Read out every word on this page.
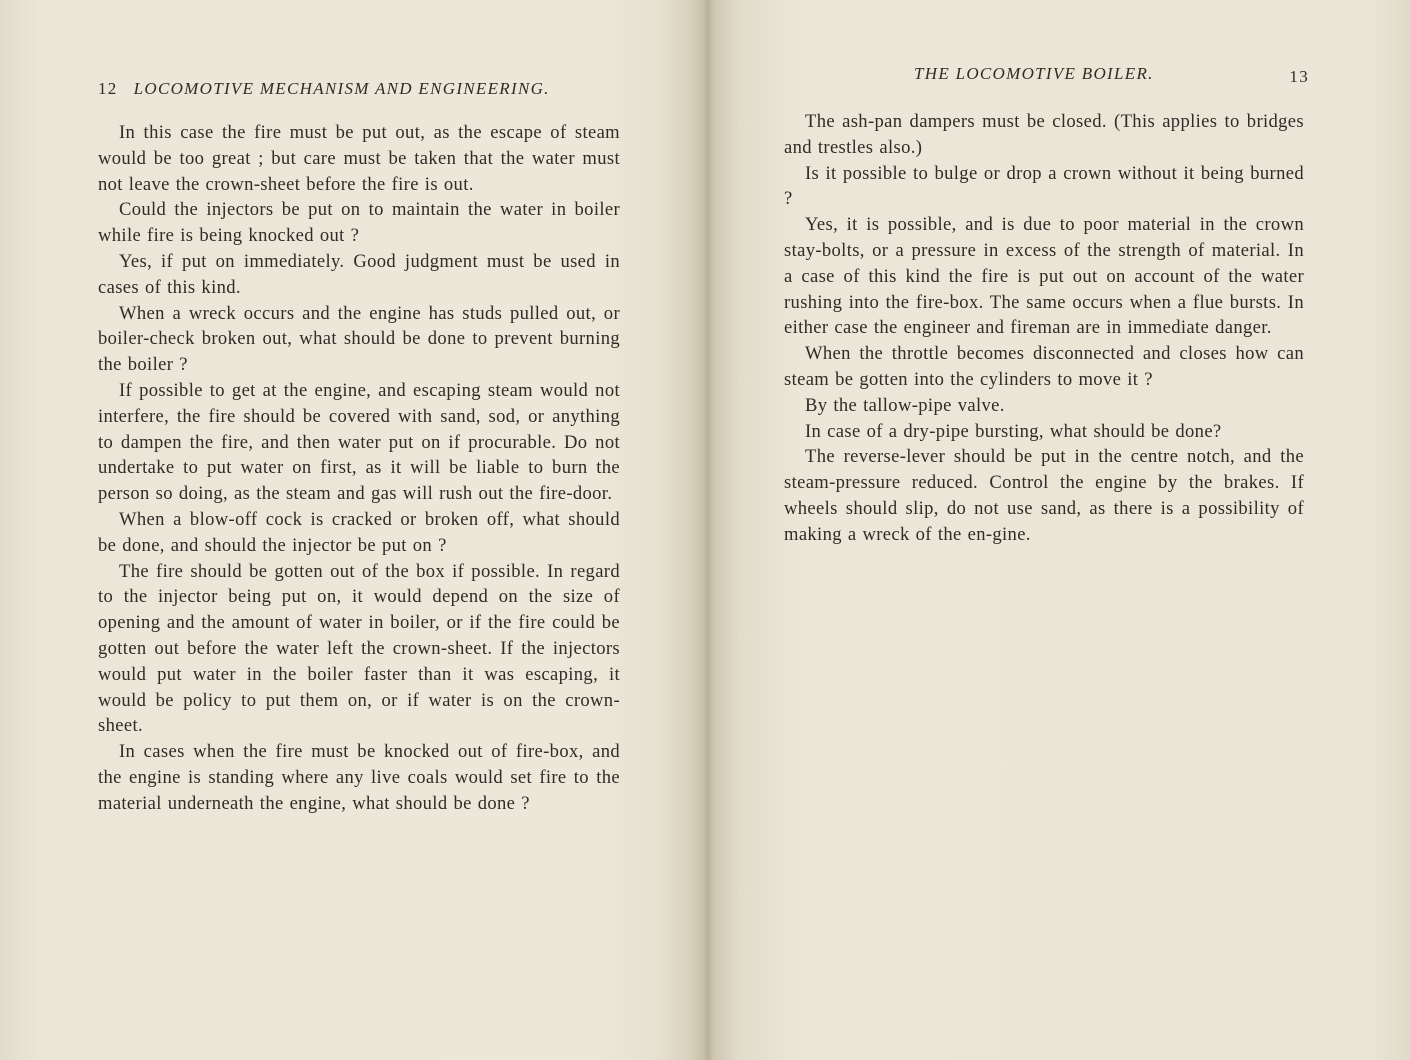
12 LOCOMOTIVE MECHANISM AND ENGINEERING.

In this case the fire must be put out, as the escape of steam would be too great ; but care must be taken that the water must not leave the crown-sheet before the fire is out.

Could the injectors be put on to maintain the water in boiler while fire is being knocked out ?

Yes, if put on immediately. Good judgment must be used in cases of this kind.

When a wreck occurs and the engine has studs pulled out, or boiler-check broken out, what should be done to prevent burning the boiler ?

If possible to get at the engine, and escaping steam would not interfere, the fire should be covered with sand, sod, or anything to dampen the fire, and then water put on if procurable. Do not undertake to put water on first, as it will be liable to burn the person so doing, as the steam and gas will rush out the fire-door.

When a blow-off cock is cracked or broken off, what should be done, and should the injector be put on ?

The fire should be gotten out of the box if possible. In regard to the injector being put on, it would depend on the size of opening and the amount of water in boiler, or if the fire could be gotten out before the water left the crown-sheet. If the injectors would put water in the boiler faster than it was escaping, it would be policy to put them on, or if water is on the crown-sheet.

In cases when the fire must be knocked out of fire-box, and the engine is standing where any live coals would set fire to the material underneath the engine, what should be done ?

THE LOCOMOTIVE BOILER.	13

The ash-pan dampers must be closed. (This applies to bridges and trestles also.)

Is it possible to bulge or drop a crown without it being burned ?

Yes, it is possible, and is due to poor material in the crown stay-bolts, or a pressure in excess of the strength of material. In a case of this kind the fire is put out on account of the water rushing into the fire-box. The same occurs when a flue bursts. In either case the engineer and fireman are in immediate danger.

When the throttle becomes disconnected and closes how can steam be gotten into the cylinders to move it ?

By the tallow-pipe valve.

In case of a dry-pipe bursting, what should be done?

The reverse-lever should be put in the centre notch, and the steam-pressure reduced. Control the engine by the brakes. If wheels should slip, do not use sand, as there is a possibility of making a wreck of the en-gine.
